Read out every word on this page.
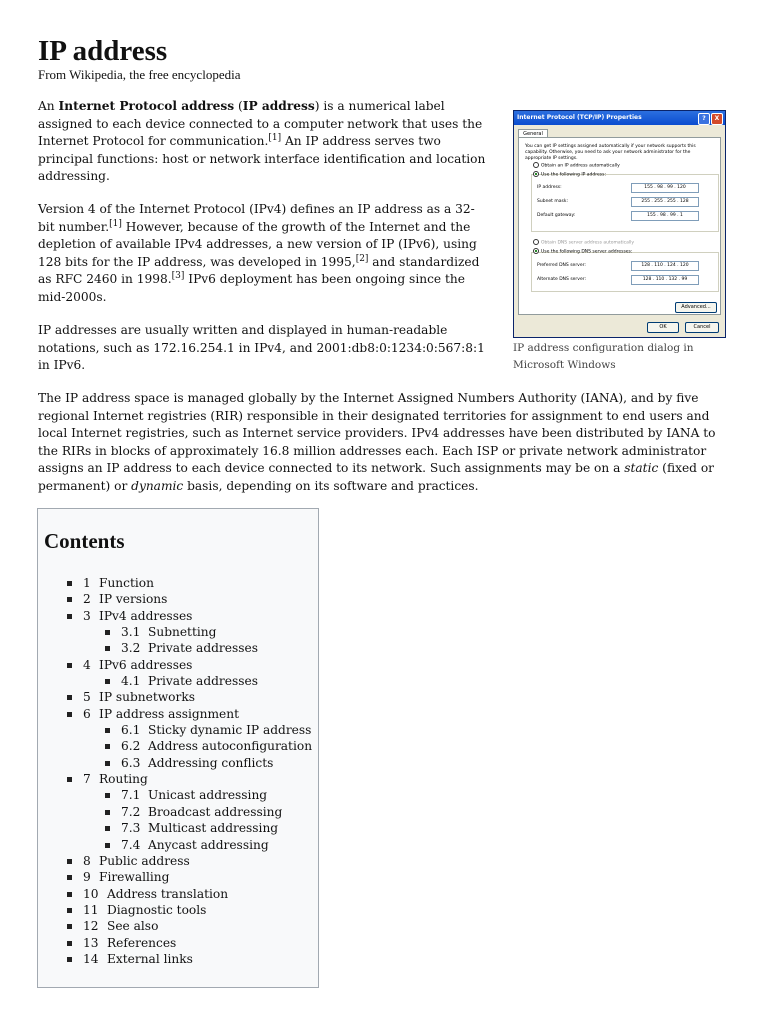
IP address
From Wikipedia, the free encyclopedia

An Internet Protocol address (IP address) is a numerical label assigned to each device connected to a computer network that uses the Internet Protocol for communication.[1] An IP address serves two principal functions: host or network interface identification and location addressing.

Version 4 of the Internet Protocol (IPv4) defines an IP address as a 32-bit number.[1] However, because of the growth of the Internet and the depletion of available IPv4 addresses, a new version of IP (IPv6), using 128 bits for the IP address, was developed in 1995,[2] and standardized as RFC 2460 in 1998.[3] IPv6 deployment has been ongoing since the mid-2000s.

IP addresses are usually written and displayed in human-readable notations, such as 172.16.254.1 in IPv4, and 2001:db8:0:1234:0:567:8:1 in IPv6.

The IP address space is managed globally by the Internet Assigned Numbers Authority (IANA), and by five regional Internet registries (RIR) responsible in their designated territories for assignment to end users and local Internet registries, such as Internet service providers. IPv4 addresses have been distributed by IANA to the RIRs in blocks of approximately 16.8 million addresses each. Each ISP or private network administrator assigns an IP address to each device connected to its network. Such assignments may be on a static (fixed or permanent) or dynamic basis, depending on its software and practices.

Internet Protocol (TCP/IP) Properties	?	X
General
You can get IP settings assigned automatically if your network supports this capability. Otherwise, you need to ask your network administrator for the appropriate IP settings.
Obtain an IP address automatically
Use the following IP address:
IP address:	155 . 98 . 99 . 120
Subnet mask:	255 . 255 . 255 . 128
Default gateway:	155 . 98 . 99 . 1
Obtain DNS server address automatically
Use the following DNS server addresses:
Preferred DNS server:	128 . 110 . 124 . 120
Alternate DNS server:	128 . 110 . 132 . 99
Advanced...
OK	Cancel
IP address configuration dialog in Microsoft Windows
Contents
1 Function
2 IP versions
3 IPv4 addresses
3.1 Subnetting
3.2 Private addresses
4 IPv6 addresses
4.1 Private addresses
5 IP subnetworks
6 IP address assignment
6.1 Sticky dynamic IP address
6.2 Address autoconfiguration
6.3 Addressing conflicts
7 Routing
7.1 Unicast addressing
7.2 Broadcast addressing
7.3 Multicast addressing
7.4 Anycast addressing
8 Public address
9 Firewalling
10 Address translation
11 Diagnostic tools
12 See also
13 References
14 External links
